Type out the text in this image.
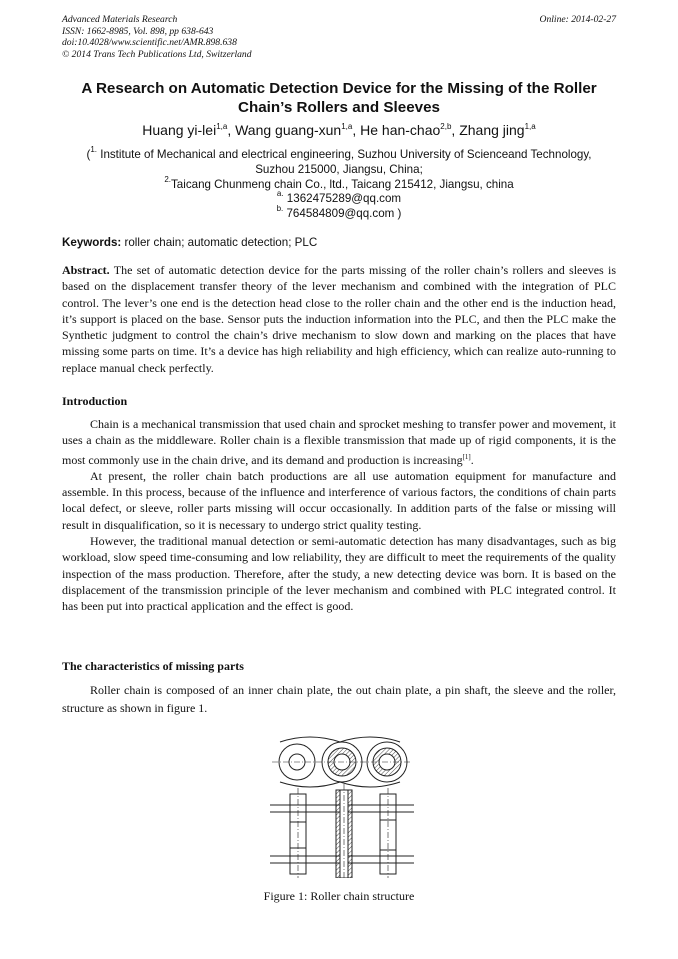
Advanced Materials Research
ISSN: 1662-8985, Vol. 898, pp 638-643
doi:10.4028/www.scientific.net/AMR.898.638
© 2014 Trans Tech Publications Ltd, Switzerland
Online: 2014-02-27
A Research on Automatic Detection Device for the Missing of the Roller
Chain’s Rollers and Sleeves
Huang yi-lei$^{1,a}$, Wang guang-xun$^{1,a}$, He han-chao$^{2,b}$, Zhang jing$^{1,a}$
($^{1.}$ Institute of Mechanical and electrical engineering, Suzhou University of Scienceand Technology,
Suzhou 215000, Jiangsu, China;
$^{2.}$Taicang Chunmeng chain Co., ltd., Taicang 215412, Jiangsu, china
$^{a.}$ 1362475289@qq.com
$^{b.}$ 764584809@qq.com )
Keywords: roller chain; automatic detection; PLC

Abstract. The set of automatic detection device for the parts missing of the roller chain’s rollers and sleeves is based on the displacement transfer theory of the lever mechanism and combined with the integration of PLC control. The lever’s one end is the detection head close to the roller chain and the other end is the induction head, it’s support is placed on the base. Sensor puts the induction information into the PLC, and then the PLC make the Synthetic judgment to control the chain’s drive mechanism to slow down and marking on the places that have missing some parts on time. It’s a device has high reliability and high efficiency, which can realize auto-running to replace manual check perfectly.

Introduction

Chain is a mechanical transmission that used chain and sprocket meshing to transfer power and movement, it uses a chain as the middleware. Roller chain is a flexible transmission that made up of rigid components, it is the most commonly use in the chain drive, and its demand and production is increasing[1].

At present, the roller chain batch productions are all use automation equipment for manufacture and assemble. In this process, because of the influence and interference of various factors, the conditions of chain parts local defect, or sleeve, roller parts missing will occur occasionally. In addition parts of the false or missing will result in disqualification, so it is necessary to undergo strict quality testing.

However, the traditional manual detection or semi-automatic detection has many disadvantages, such as big workload, slow speed time-consuming and low reliability, they are difficult to meet the requirements of the quality inspection of the mass production. Therefore, after the study, a new detecting device was born. It is based on the displacement of the transmission principle of the lever mechanism and combined with PLC integrated control. It has been put into practical application and the effect is good.

The characteristics of missing parts

Roller chain is composed of an inner chain plate, the out chain plate, a pin shaft, the sleeve and the roller, structure as shown in figure 1.

Figure 1: Roller chain structure
